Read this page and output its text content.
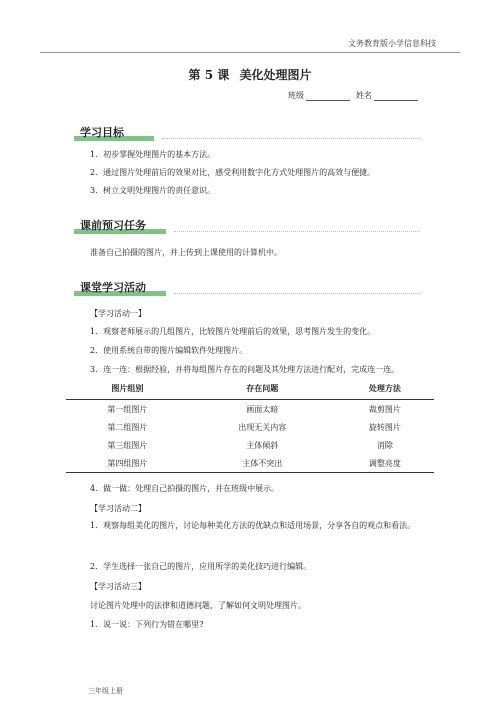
文务教育版小学信息科技
第 5 课 美化处理图片
班级	姓名
学习目标
1．初步掌握处理图片的基本方法。
2．通过图片处理前后的效果对比，感受利用数字化方式处理图片的高效与便捷。
3．树立文明处理图片的责任意识。
课前预习任务
准备自己拍摄的图片，并上传到上课使用的计算机中。
课堂学习活动
【学习活动一】
1．观察老师展示的几组图片，比较图片处理前后的效果，思考图片发生的变化。
2．使用系统自带的图片编辑软件处理图片。
3．连一连：根据经验，并将每组图片存在的问题及其处理方法进行配对，完成连一连。
图片组别	存在问题	处理方法
第一组图片	画面太暗	裁剪图片
第二组图片	出现无关内容	旋转图片
第三组图片	主体倾斜	消除
第四组图片	主体不突出	调整亮度
4．做一做：处理自己拍摄的图片，并在班级中展示。
【学习活动二】
1．观察每组美化的图片，讨论每种美化方法的优缺点和适用场景，分享各自的观点和看法。
2．学生选择一张自己的图片，应用所学的美化技巧进行编辑。
【学习活动三】
讨论图片处理中的法律和道德问题，了解如何文明处理图片。
1．说一说：下列行为错在哪里?
三年级上册
